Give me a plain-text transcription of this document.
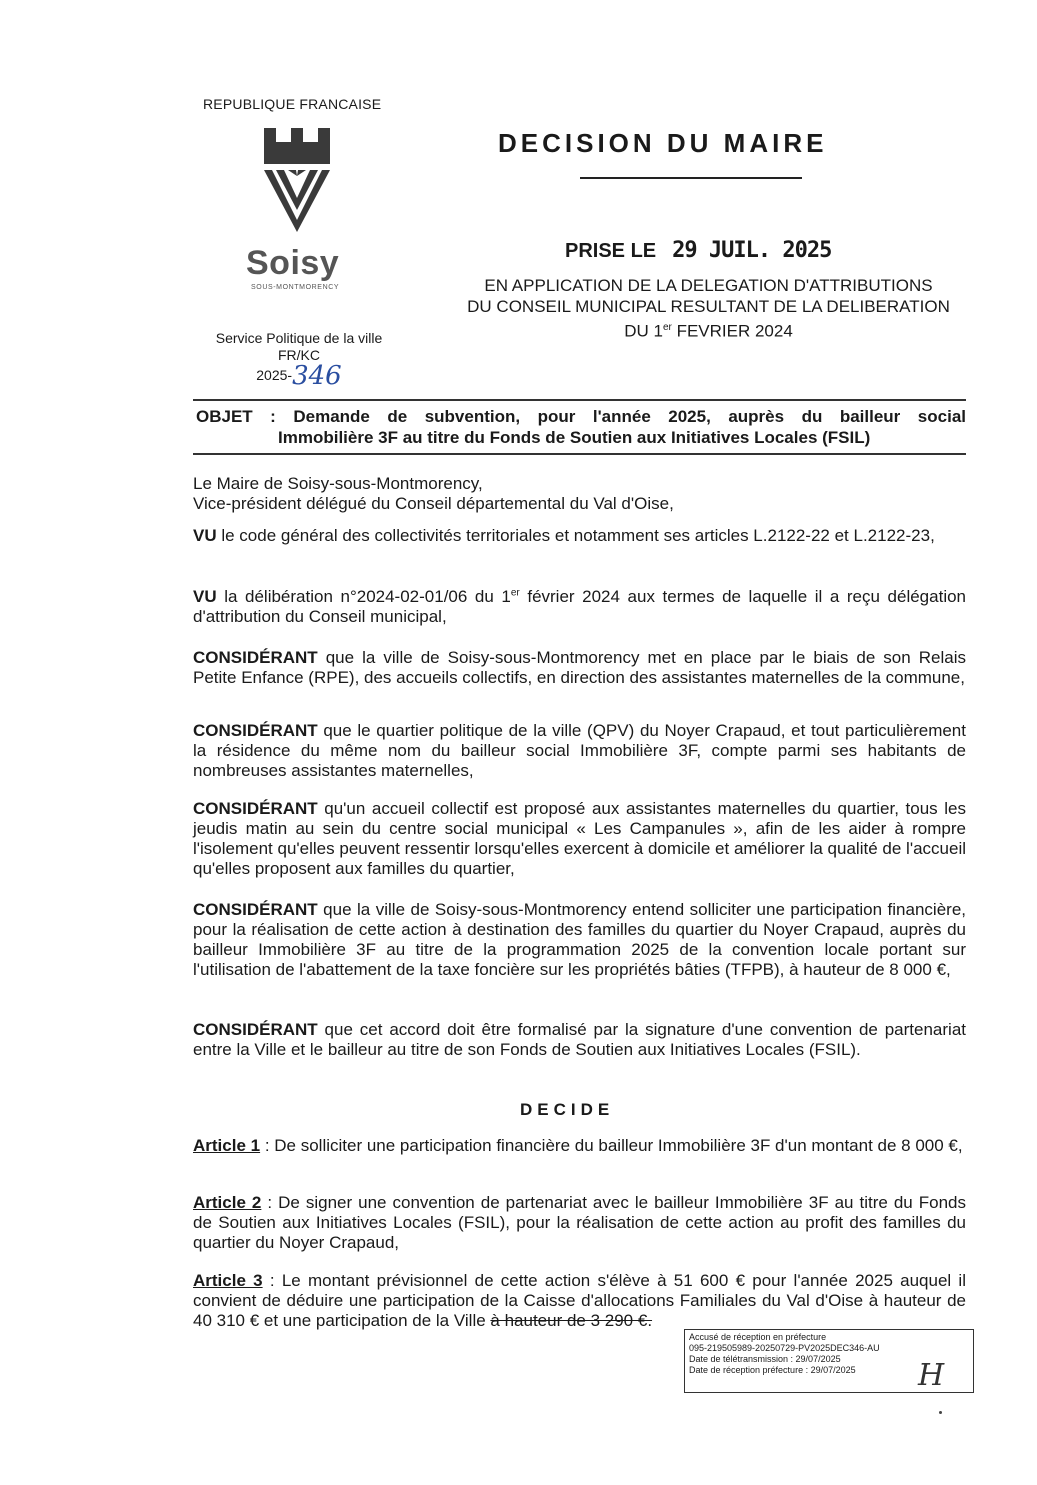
REPUBLIQUE FRANCAISE
Soisy
SOUS-MONTMORENCY
Service Politique de la ville
FR/KC
2025-346
DECISION DU MAIRE
PRISE LE 29 JUIL. 2025
EN APPLICATION DE LA DELEGATION D'ATTRIBUTIONS
DU CONSEIL MUNICIPAL RESULTANT DE LA DELIBERATION
DU 1er FEVRIER 2024
OBJET : Demande de subvention, pour l'année 2025, auprès du bailleur social
Immobilière 3F au titre du Fonds de Soutien aux Initiatives Locales (FSIL)
Le Maire de Soisy-sous-Montmorency,
Vice-président délégué du Conseil départemental du Val d'Oise,
VU le code général des collectivités territoriales et notamment ses articles L.2122-22 et L.2122-23,
VU la délibération n°2024-02-01/06 du 1er février 2024 aux termes de laquelle il a reçu délégation d'attribution du Conseil municipal,
CONSIDÉRANT que la ville de Soisy-sous-Montmorency met en place par le biais de son Relais Petite Enfance (RPE), des accueils collectifs, en direction des assistantes maternelles de la commune,
CONSIDÉRANT que le quartier politique de la ville (QPV) du Noyer Crapaud, et tout particulièrement la résidence du même nom du bailleur social Immobilière 3F, compte parmi ses habitants de nombreuses assistantes maternelles,
CONSIDÉRANT qu'un accueil collectif est proposé aux assistantes maternelles du quartier, tous les jeudis matin au sein du centre social municipal « Les Campanules », afin de les aider à rompre l'isolement qu'elles peuvent ressentir lorsqu'elles exercent à domicile et améliorer la qualité de l'accueil qu'elles proposent aux familles du quartier,
CONSIDÉRANT que la ville de Soisy-sous-Montmorency entend solliciter une participation financière, pour la réalisation de cette action à destination des familles du quartier du Noyer Crapaud, auprès du bailleur Immobilière 3F au titre de la programmation 2025 de la convention locale portant sur l'utilisation de l'abattement de la taxe foncière sur les propriétés bâties (TFPB), à hauteur de 8 000 €,
CONSIDÉRANT que cet accord doit être formalisé par la signature d'une convention de partenariat entre la Ville et le bailleur au titre de son Fonds de Soutien aux Initiatives Locales (FSIL).
DECIDE
Article 1 : De solliciter une participation financière du bailleur Immobilière 3F d'un montant de 8 000 €,
Article 2 : De signer une convention de partenariat avec le bailleur Immobilière 3F au titre du Fonds de Soutien aux Initiatives Locales (FSIL), pour la réalisation de cette action au profit des familles du quartier du Noyer Crapaud,
Article 3 : Le montant prévisionnel de cette action s'élève à 51 600 € pour l'année 2025 auquel il convient de déduire une participation de la Caisse d'allocations Familiales du Val d'Oise à hauteur de 40 310 € et une participation de la Ville à hauteur de 3 290 €.
Accusé de réception en préfecture
095-219505989-20250729-PV2025DEC346-AU
Date de télétransmission : 29/07/2025
Date de réception préfecture : 29/07/2025	H
